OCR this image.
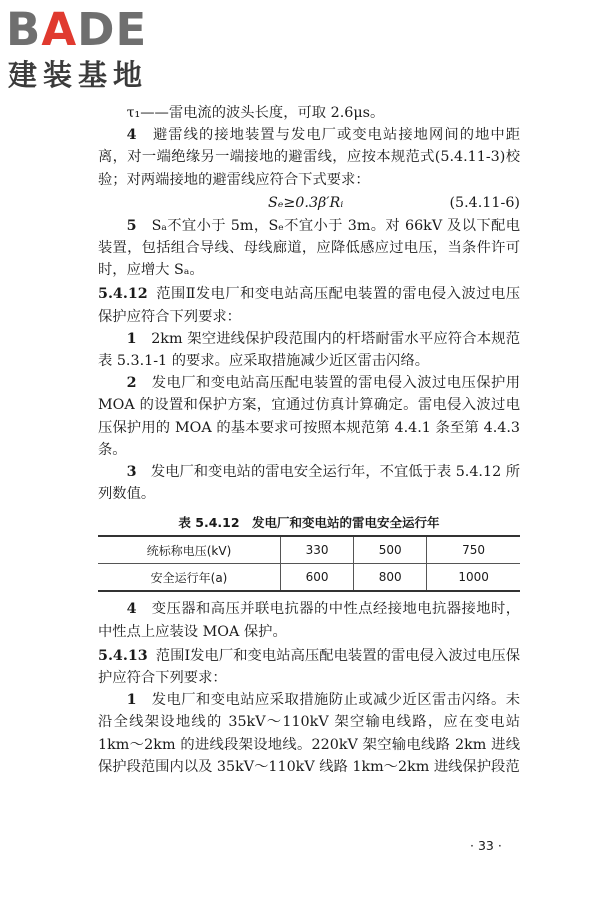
BADE
建装基地

τ₁——雷电流的波头长度，可取 2.6μs。

4　 避雷线的接地装置与发电厂或变电站接地网间的地中距离，对一端绝缘另一端接地的避雷线，应按本规范式(5.4.11-3)校验；对两端接地的避雷线应符合下式要求：

Sₑ≥0.3β′Rᵢ	(5.4.11-6)

5　 Sₐ不宜小于 5m，Sₑ不宜小于 3m。对 66kV 及以下配电装置，包括组合导线、母线廊道，应降低感应过电压，当条件许可时，应增大 Sₐ。

5.4.12 范围Ⅱ发电厂和变电站高压配电装置的雷电侵入波过电压保护应符合下列要求：

1　 2km 架空进线保护段范围内的杆塔耐雷水平应符合本规范表 5.3.1-1 的要求。应采取措施减少近区雷击闪络。

2　 发电厂和变电站高压配电装置的雷电侵入波过电压保护用 MOA 的设置和保护方案，宜通过仿真计算确定。雷电侵入波过电压保护用的 MOA 的基本要求可按照本规范第 4.4.1 条至第 4.4.3 条。

3　 发电厂和变电站的雷电安全运行年，不宜低于表 5.4.12 所列数值。

表 5.4.12　发电厂和变电站的雷电安全运行年
统标称电压(kV)	330	500	750
安全运行年(a)	600	800	1000

4　 变压器和高压并联电抗器的中性点经接地电抗器接地时，中性点上应装设 MOA 保护。

5.4.13 范围Ⅰ发电厂和变电站高压配电装置的雷电侵入波过电压保护应符合下列要求：

1　 发电厂和变电站应采取措施防止或减少近区雷击闪络。未沿全线架设地线的 35kV～110kV 架空输电线路，应在变电站 1km～2km 的进线段架设地线。220kV 架空输电线路 2km 进线保护段范围内以及 35kV～110kV 线路 1km～2km 进线保护段范

· 33 ·
